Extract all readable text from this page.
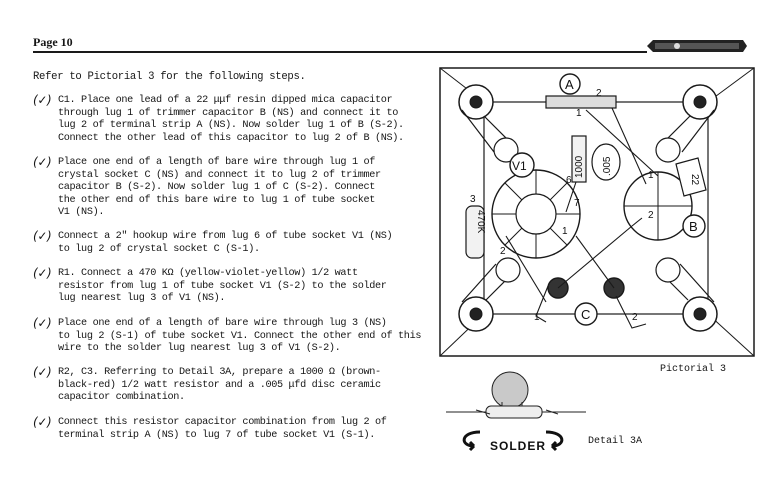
Page 10
Refer to Pictorial 3 for the following steps.
(✓) C1. Place one lead of a 22 μμf resin dipped mica capacitor
through lug 1 of trimmer capacitor B (NS) and connect it to
lug 2 of terminal strip A (NS). Now solder lug 1 of B (S-2).
Connect the other lead of this capacitor to lug 2 of B (NS).
(✓) Place one end of a length of bare wire through lug 1 of
crystal socket C (NS) and connect it to lug 2 of trimmer
capacitor B (S-2). Now solder lug 1 of C (S-2). Connect
the other end of this bare wire to lug 1 of tube socket
V1 (NS).
(✓) Connect a 2" hookup wire from lug 6 of tube socket V1 (NS)
to lug 2 of crystal socket C (S-1).
(✓) R1. Connect a 470 KΩ (yellow-violet-yellow) 1/2 watt
resistor from lug 1 of tube socket V1 (S-2) to the solder
lug nearest lug 3 of V1 (NS).
(✓) Place one end of a length of bare wire through lug 3 (NS)
to lug 2 (S-1) of tube socket V1. Connect the other end of this
wire to the solder lug nearest lug 3 of V1 (S-2).
(✓) R2, C3. Referring to Detail 3A, prepare a 1000 Ω (brown-
black-red) 1/2 watt resistor and a .005 μfd disc ceramic
capacitor combination.
(✓) Connect this resistor capacitor combination from lug 2 of
terminal strip A (NS) to lug 7 of tube socket V1 (S-1).
A
2
1
V1
6
1
7
3
2
B
1
2
C
1	2
1000 .005
22
470K
Pictorial 3
SOLDER	Detail 3A
